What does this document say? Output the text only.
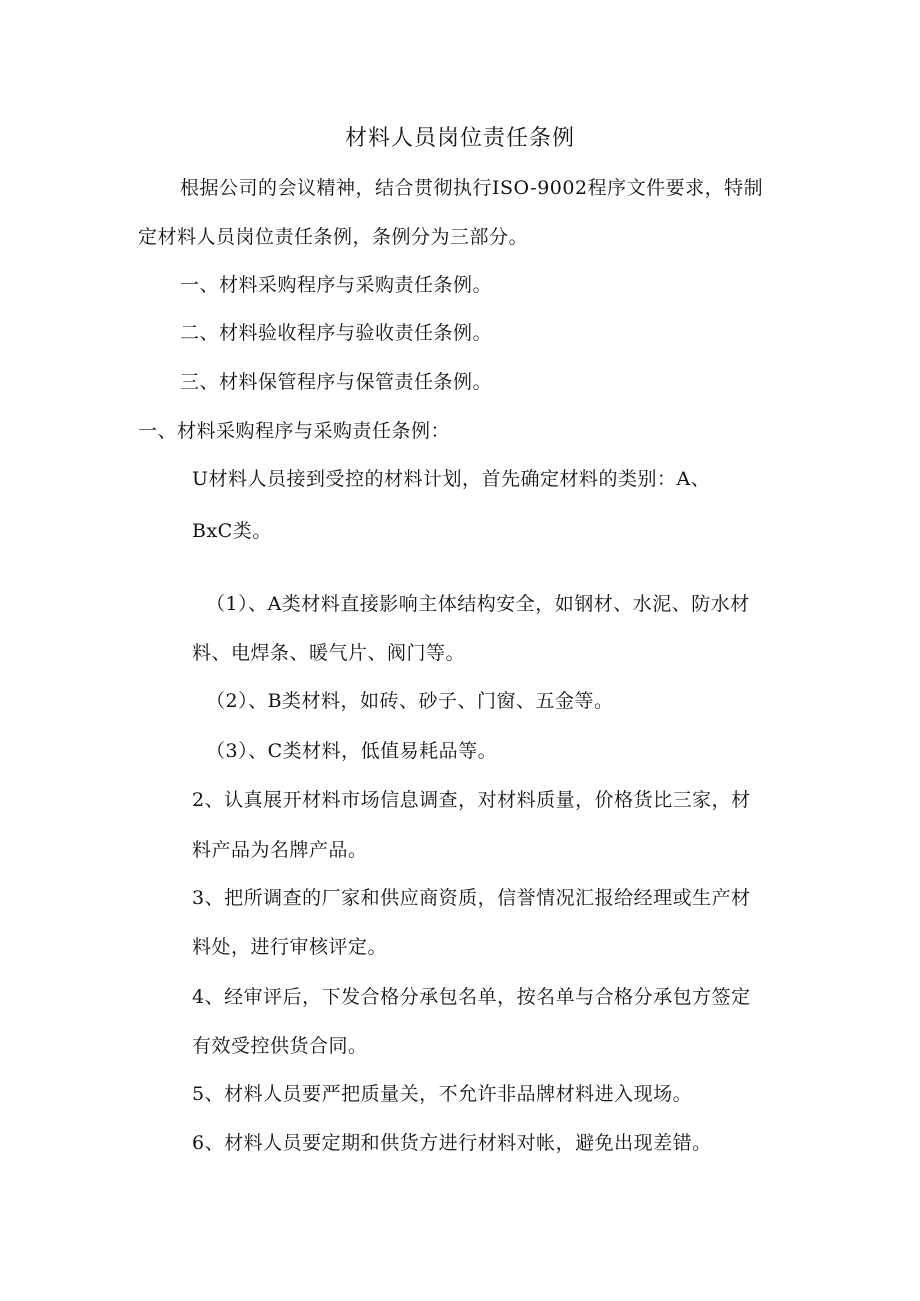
材料人员岗位责任条例
根据公司的会议精神，结合贯彻执行ISO-9002程序文件要求，特制
定材料人员岗位责任条例，条例分为三部分。
一、材料采购程序与采购责任条例。
二、材料验收程序与验收责任条例。
三、材料保管程序与保管责任条例。
一、材料采购程序与采购责任条例：
U材料人员接到受控的材料计划，首先确定材料的类别：A、
BxC类。
（1）、A类材料直接影响主体结构安全，如钢材、水泥、防水材
料、电焊条、暖气片、阀门等。
（2）、B类材料，如砖、砂子、门窗、五金等。
（3）、C类材料，低值易耗品等。
2、认真展开材料市场信息调查，对材料质量，价格货比三家，材
料产品为名牌产品。
3、把所调查的厂家和供应商资质，信誉情况汇报给经理或生产材
料处，进行审核评定。
4、经审评后，下发合格分承包名单，按名单与合格分承包方签定
有效受控供货合同。
5、材料人员要严把质量关，不允许非品牌材料进入现场。
6、材料人员要定期和供货方进行材料对帐，避免出现差错。
